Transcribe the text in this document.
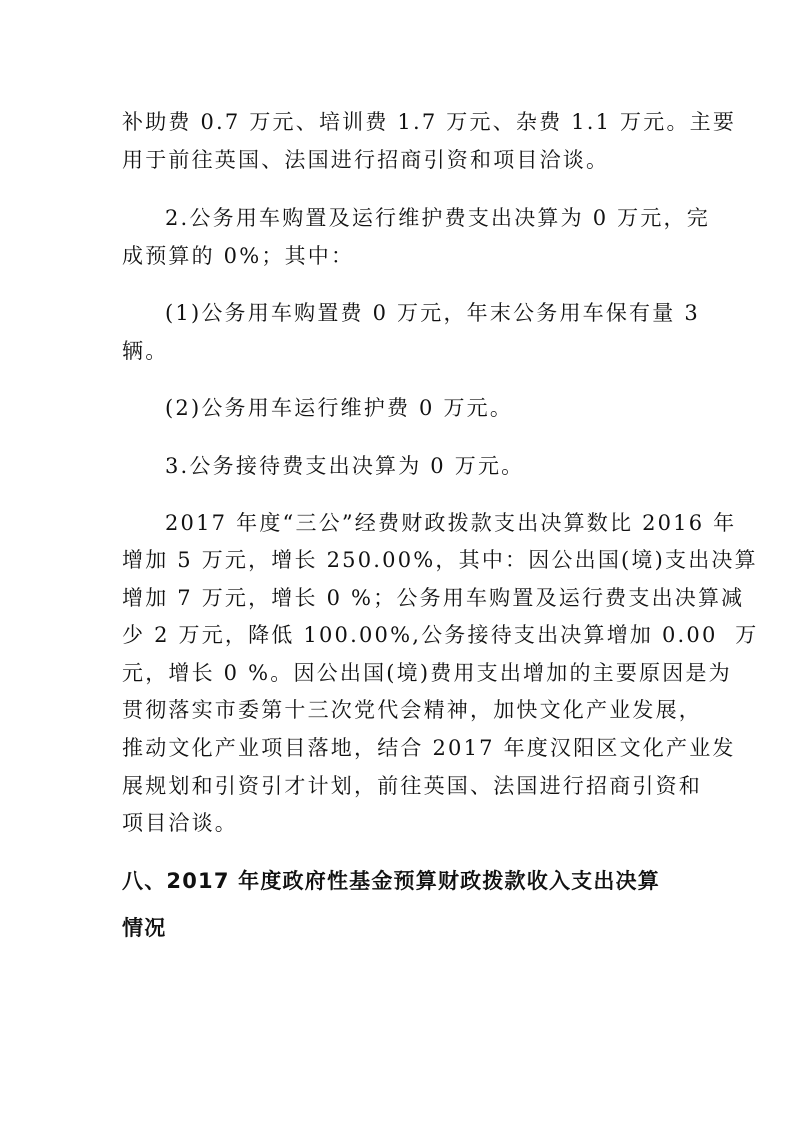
补助费 0.7 万元、培训费 1.7 万元、杂费 1.1 万元。主要
用于前往英国、法国进行招商引资和项目洽谈。
2.公务用车购置及运行维护费支出决算为 0 万元，完
成预算的 0%；其中：
(1)公务用车购置费 0 万元，年末公务用车保有量 3
辆。
(2)公务用车运行维护费 0 万元。
3.公务接待费支出决算为 0 万元。
2017 年度“三公”经费财政拨款支出决算数比 2016 年
增加 5 万元，增长 250.00%，其中：因公出国(境)支出决算
增加 7 万元，增长 0 %；公务用车购置及运行费支出决算减
少 2 万元，降低 100.00%,公务接待支出决算增加 0.00  万
元，增长 0 %。因公出国(境)费用支出增加的主要原因是为
贯彻落实市委第十三次党代会精神，加快文化产业发展，
推动文化产业项目落地，结合 2017 年度汉阳区文化产业发
展规划和引资引才计划，前往英国、法国进行招商引资和
项目洽谈。
八、2017 年度政府性基金预算财政拨款收入支出决算
情况
